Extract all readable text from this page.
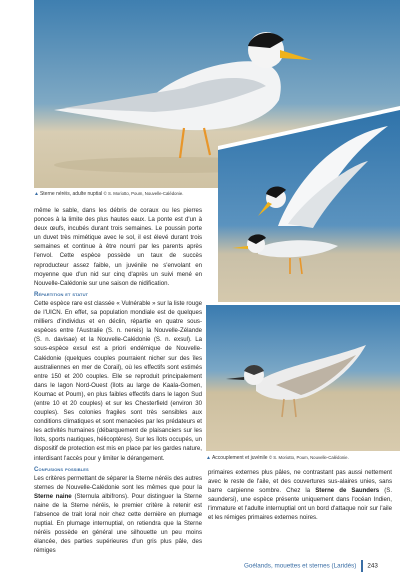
▲Sterne néréis, adulte nuptial © S. Moriotto, Poum, Nouvelle-Calédonie.
▲Accouplement et juvénile © S. Moriotto, Poum, Nouvelle-Calédonie.

même le sable, dans les débris de coraux ou les pierres ponces à la limite des plus hautes eaux. La ponte est d'un à deux œufs, incubés durant trois semaines. Le poussin porte un duvet très mimétique avec le sol, il est élevé durant trois semaines et continue à être nourri par les parents après l'envol. Cette espèce possède un taux de succès reproducteur assez faible, un juvénile ne s'envolant en moyenne que d'un nid sur cinq d'après un suivi mené en Nouvelle-Calédonie sur une saison de nidification.

Répartition et statut

Cette espèce rare est classée « Vulnérable » sur la liste rouge de l'UICN. En effet, sa population mondiale est de quelques milliers d'individus et en déclin, répartie en quatre sous-espèces entre l'Australie (S. n. nereis) la Nouvelle-Zélande (S. n. davisae) et la Nouvelle-Calédonie (S. n. exsul). La sous-espèce exsul est a priori endémique de Nouvelle-Calédonie (quelques couples pourraient nicher sur des îles australiennes en mer de Corail), où les effectifs sont estimés entre 150 et 200 couples. Elle se reproduit principalement dans le lagon Nord-Ouest (îlots au large de Kaala-Gomen, Koumac et Poum), en plus faibles effectifs dans le lagon Sud (entre 10 et 20 couples) et sur les Chesterfield (environ 30 couples). Ses colonies fragiles sont très sensibles aux conditions climatiques et sont menacées par les prédateurs et les activités humaines (débarquement de plaisanciers sur les îlots, sports nautiques, hélicoptères). Sur les îlots occupés, un dispositif de protection est mis en place par les gardes nature, interdisant l'accès pour y limiter le dérangement.

Confusions possibles

Les critères permettant de séparer la Sterne néréis des autres sternes de Nouvelle-Calédonie sont les mêmes que pour la Sterne naine (Sternula albifrons). Pour distinguer la Sterne naine de la Sterne néréis, le premier critère à retenir est l'absence de trait loral noir chez cette dernière en plumage nuptial. En plumage internuptial, on retiendra que la Sterne néréis possède en général une silhouette un peu moins élancée, des parties supérieures d'un gris plus pâle, des rémiges

primaires externes plus pâles, ne contrastant pas aussi nettement avec le reste de l'aile, et des couvertures sus-alaires unies, sans barre carpienne sombre. Chez la Sterne de Saunders (S. saundersi), une espèce présente uniquement dans l'océan Indien, l'immature et l'adulte internuptial ont un bord d'attaque noir sur l'aile et les rémiges primaires externes noires.

Goélands, mouettes et sternes (Laridés) 243
